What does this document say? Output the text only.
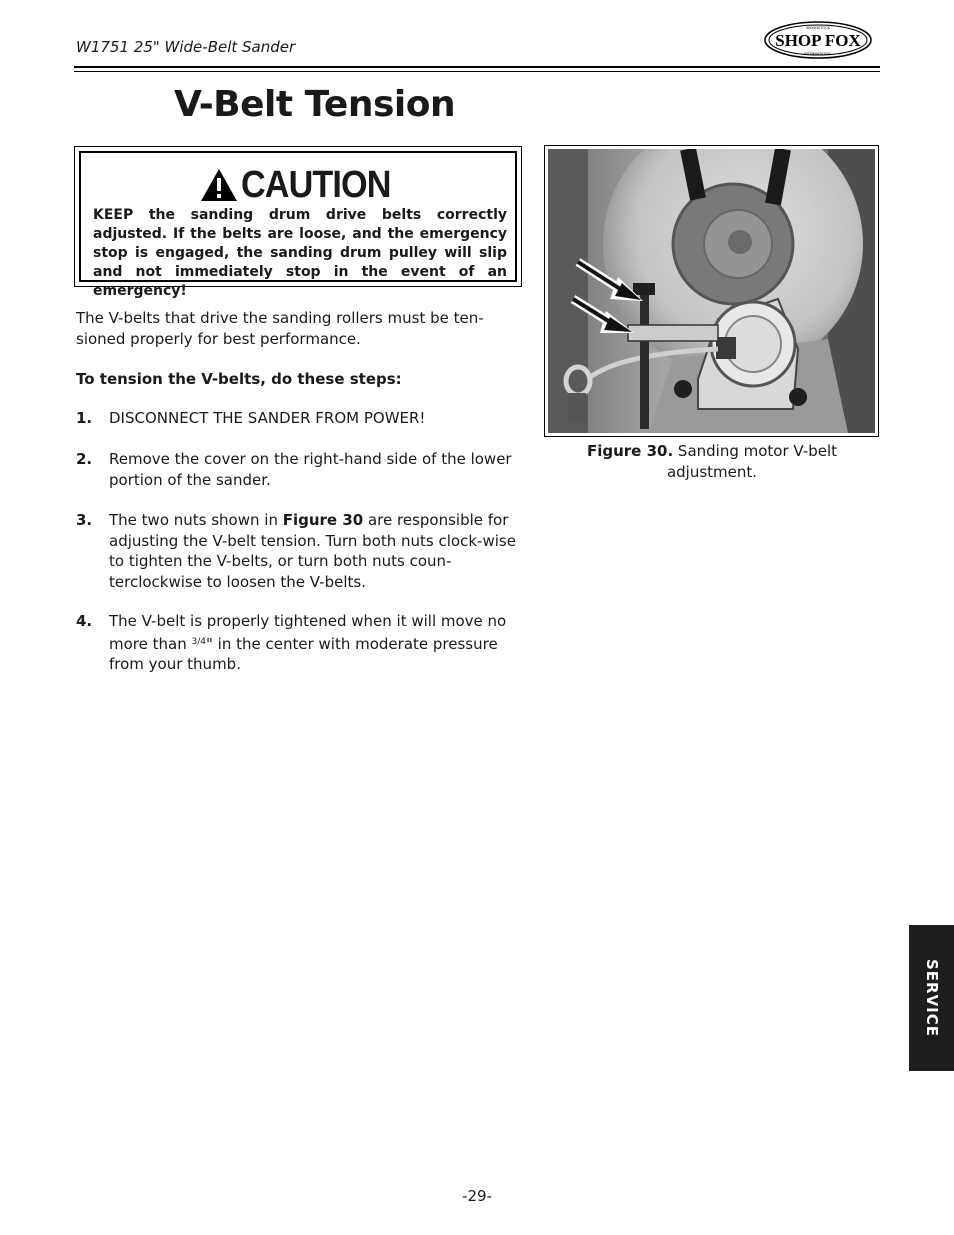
W1751 25" Wide-Belt Sander	SHOP FOX
WOODSTOCK
INTERNATIONAL
V-Belt Tension
CAUTION
KEEP the sanding drum drive belts correctly adjusted. If the belts are loose, and the emergency stop is engaged, the sanding drum pulley will slip and not immediately stop in the event of an emergency!
The V-belts that drive the sanding rollers must be ten-sioned properly for best performance.
To tension the V-belts, do these steps:
1. DISCONNECT THE SANDER FROM POWER!
2. Remove the cover on the right-hand side of the lower portion of the sander.
3. The two nuts shown in Figure 30 are responsible for adjusting the V-belt tension. Turn both nuts clock-wise to tighten the V-belts, or turn both nuts coun-terclockwise to loosen the V-belts.
4. The V-belt is properly tightened when it will move no more than $^{3/4}$" in the center with moderate pressure from your thumb.
Figure 30. Sanding motor V-belt adjustment.
SERVICE
-29-
